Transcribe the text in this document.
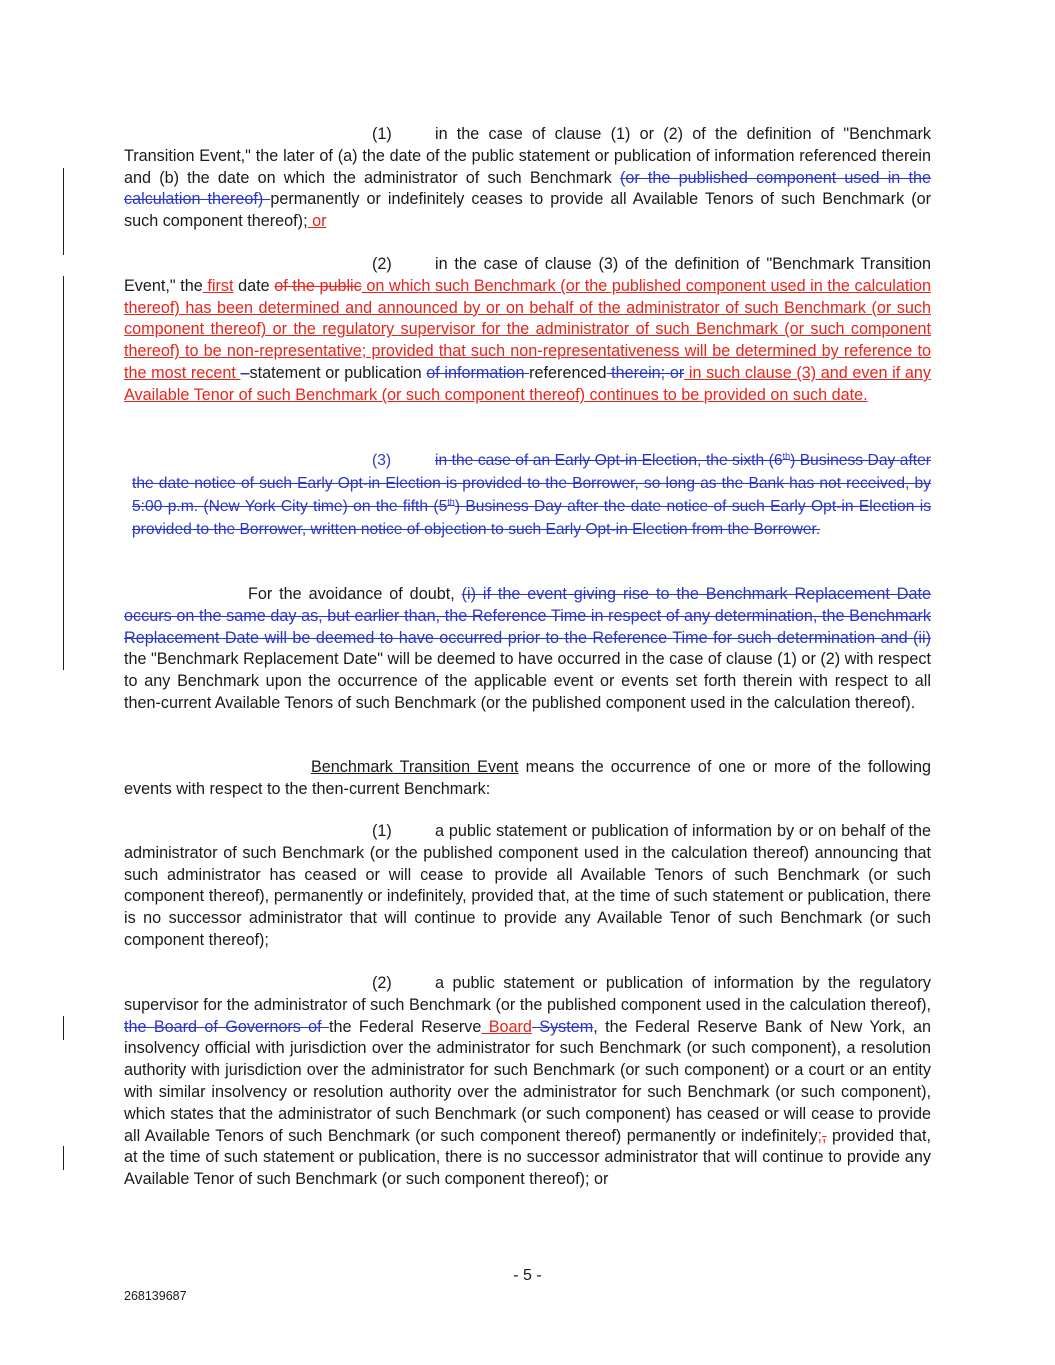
(1)	in the case of clause (1) or (2) of the definition of "Benchmark Transition Event," the later of (a) the date of the public statement or publication of information referenced therein and (b) the date on which the administrator of such Benchmark (or the published component used in the calculation thereof) permanently or indefinitely ceases to provide all Available Tenors of such Benchmark (or such component thereof); or

(2)	in the case of clause (3) of the definition of "Benchmark Transition Event," the first date of the public on which such Benchmark (or the published component used in the calculation thereof) has been determined and announced by or on behalf of the administrator of such Benchmark (or such component thereof) or the regulatory supervisor for the administrator of such Benchmark (or such component thereof) to be non-representative; provided that such non-representativeness will be determined by reference to the most recent –statement or publication of information referenced therein; or in such clause (3) and even if any Available Tenor of such Benchmark (or such component thereof) continues to be provided on such date.

(3)	in the case of an Early Opt-in Election, the sixth (6th) Business Day after the date notice of such Early Opt-in Election is provided to the Borrower, so long as the Bank has not received, by 5:00 p.m. (New York City time) on the fifth (5th) Business Day after the date notice of such Early Opt-in Election is provided to the Borrower, written notice of objection to such Early Opt-in Election from the Borrower.

For the avoidance of doubt, (i) if the event giving rise to the Benchmark Replacement Date occurs on the same day as, but earlier than, the Reference Time in respect of any determination, the Benchmark Replacement Date will be deemed to have occurred prior to the Reference Time for such determination and (ii) the "Benchmark Replacement Date" will be deemed to have occurred in the case of clause (1) or (2) with respect to any Benchmark upon the occurrence of the applicable event or events set forth therein with respect to all then-current Available Tenors of such Benchmark (or the published component used in the calculation thereof).

Benchmark Transition Event means the occurrence of one or more of the following events with respect to the then-current Benchmark:

(1)	a public statement or publication of information by or on behalf of the administrator of such Benchmark (or the published component used in the calculation thereof) announcing that such administrator has ceased or will cease to provide all Available Tenors of such Benchmark (or such component thereof), permanently or indefinitely, provided that, at the time of such statement or publication, there is no successor administrator that will continue to provide any Available Tenor of such Benchmark (or such component thereof);

(2)	a public statement or publication of information by the regulatory supervisor for the administrator of such Benchmark (or the published component used in the calculation thereof), the Board of Governors of the Federal Reserve Board System, the Federal Reserve Bank of New York, an insolvency official with jurisdiction over the administrator for such Benchmark (or such component), a resolution authority with jurisdiction over the administrator for such Benchmark (or such component) or a court or an entity with similar insolvency or resolution authority over the administrator for such Benchmark (or such component), which states that the administrator of such Benchmark (or such component) has ceased or will cease to provide all Available Tenors of such Benchmark (or such component thereof) permanently or indefinitely;, provided that, at the time of such statement or publication, there is no successor administrator that will continue to provide any Available Tenor of such Benchmark (or such component thereof); or

- 5 -
268139687
